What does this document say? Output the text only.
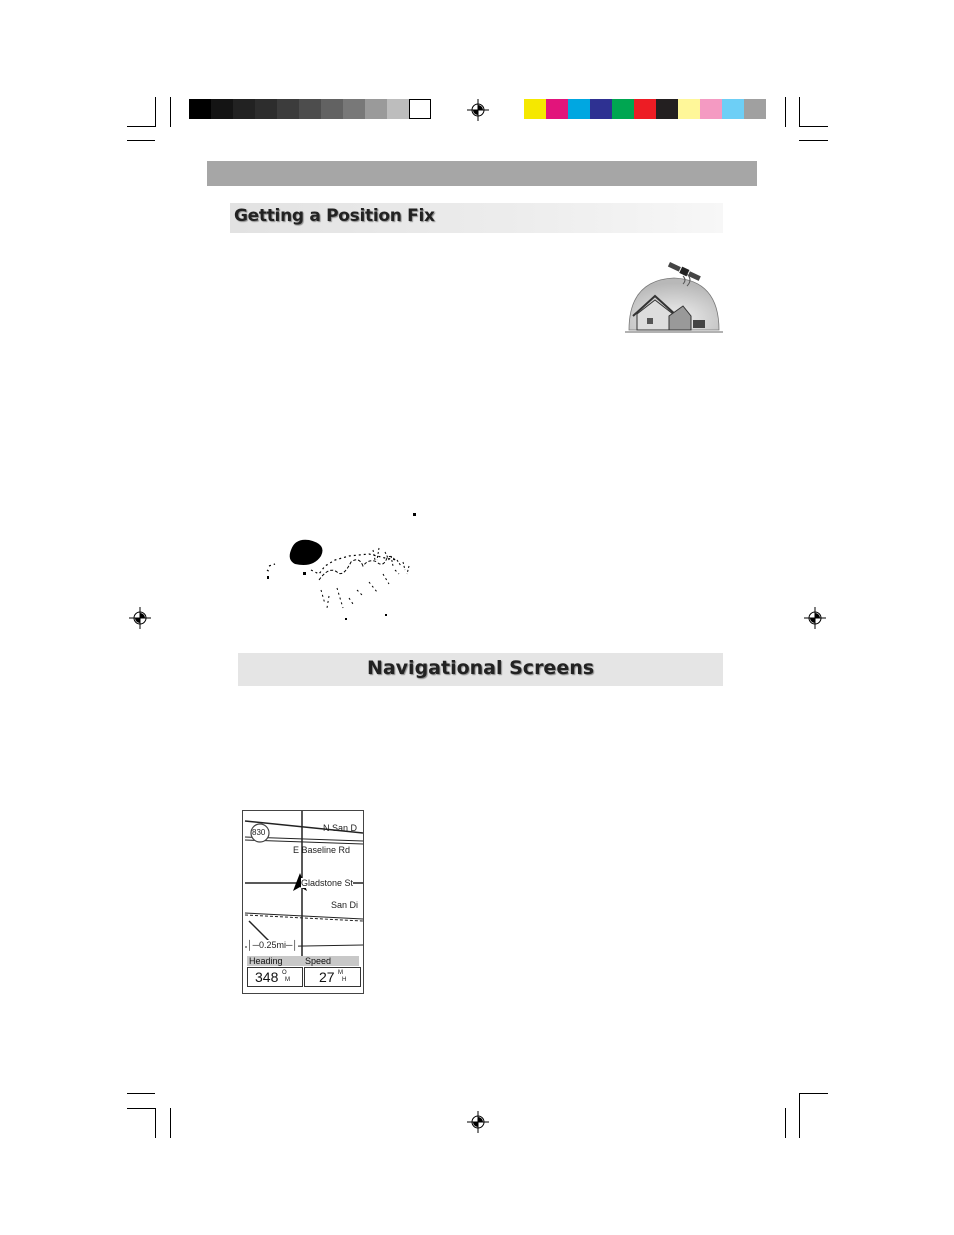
Getting a Position Fix
Navigational Screens
830	N San D
E Baseline Rd
Gladstone St
San Di
│─0.25mi─│
Heading Speed
348 O
M 27 M
H
